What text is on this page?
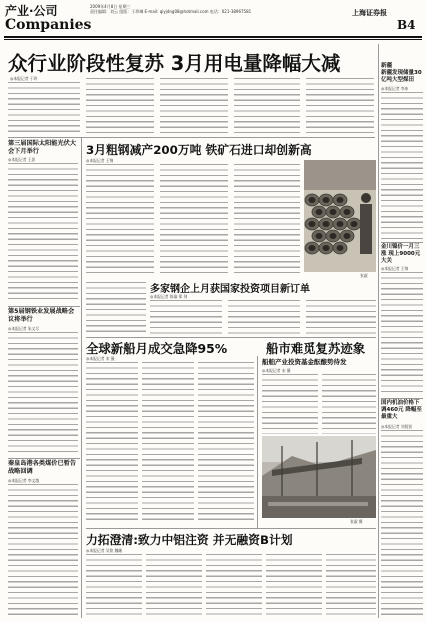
产业·公司
Companies
2009年4月8日 星期三
责任编辑：刘云 组版：于珍琳 E-mail: qiyjdng08@hotmail.com 电话：021-38967581	上海证券报
B4
众行业阶段性复苏 3月用电量降幅大减
◎本报记者 于珍
第三届国际太阳能光伏大会下月举行
◎本报记者 王思
第5届钢铁业发展战略会议将举行
◎本报记者 朱文尽
秦皇岛港各类煤价已暂告战略回调
◎本报记者 李文越
3月粗钢减产200万吨 铁矿石进口却创新高
◎本报记者 王锦
张淑
多家钢企上月获国家投资项目新订单
◎本报记者 陈瑜 郑 剑
全球新船月成交急降95%	船市难觅复苏迹象
◎本报记者 宋 薇	船舶产业投资基金酝酿势待发
◎本报记者 宋 薇
张淑 摄
力拓澄清:致力中铝注资 并无融资B计划
◎本报记者 吴铭 魏珊
新疆
新疆发现储量30亿吨大型煤田
◎本报记者 李冰
金川镍价一月三涨 现上9000元大关
◎本报记者 王锦
国内机油价格下调460元 降幅至最重大
◎本报记者 刘贤贤
